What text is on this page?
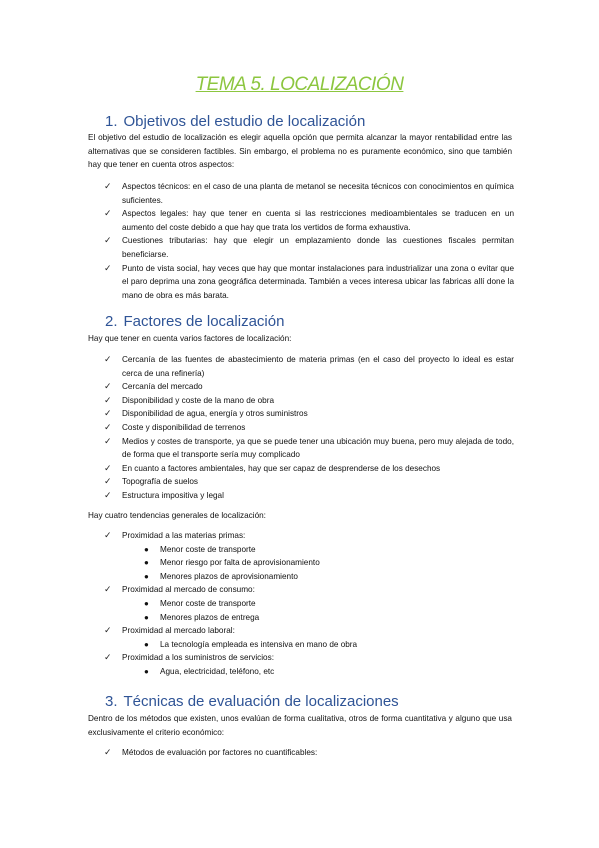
TEMA 5. LOCALIZACIÓN
1. Objetivos del estudio de localización
El objetivo del estudio de localización es elegir aquella opción que permita alcanzar la mayor rentabilidad entre las alternativas que se consideren factibles. Sin embargo, el problema no es puramente económico, sino que también hay que tener en cuenta otros aspectos:
✓ Aspectos técnicos: en el caso de una planta de metanol se necesita técnicos con conocimientos en química suficientes.
✓ Aspectos legales: hay que tener en cuenta si las restricciones medioambientales se traducen en un aumento del coste debido a que hay que trata los vertidos de forma exhaustiva.
✓ Cuestiones tributarias: hay que elegir un emplazamiento donde las cuestiones fiscales permitan beneficiarse.
✓ Punto de vista social, hay veces que hay que montar instalaciones para industrializar una zona o evitar que el paro deprima una zona geográfica determinada. También a veces interesa ubicar las fabricas allí done la mano de obra es más barata.
2. Factores de localización
Hay que tener en cuenta varios factores de localización:
✓ Cercanía de las fuentes de abastecimiento de materia primas (en el caso del proyecto lo ideal es estar cerca de una refinería)
✓ Cercanía del mercado
✓ Disponibilidad y coste de la mano de obra
✓ Disponibilidad de agua, energía y otros suministros
✓ Coste y disponibilidad de terrenos
✓ Medios y costes de transporte, ya que se puede tener una ubicación muy buena, pero muy alejada de todo, de forma que el transporte sería muy complicado
✓ En cuanto a factores ambientales, hay que ser capaz de desprenderse de los desechos
✓ Topografía de suelos
✓ Estructura impositiva y legal
Hay cuatro tendencias generales de localización:
✓ Proximidad a las materias primas:
● Menor coste de transporte
● Menor riesgo por falta de aprovisionamiento
● Menores plazos de aprovisionamiento
✓ Proximidad al mercado de consumo:
● Menor coste de transporte
● Menores plazos de entrega
✓ Proximidad al mercado laboral:
● La tecnología empleada es intensiva en mano de obra
✓ Proximidad a los suministros de servicios:
● Agua, electricidad, teléfono, etc
3. Técnicas de evaluación de localizaciones
Dentro de los métodos que existen, unos evalúan de forma cualitativa, otros de forma cuantitativa y alguno que usa exclusivamente el criterio económico:
✓ Métodos de evaluación por factores no cuantificables:
